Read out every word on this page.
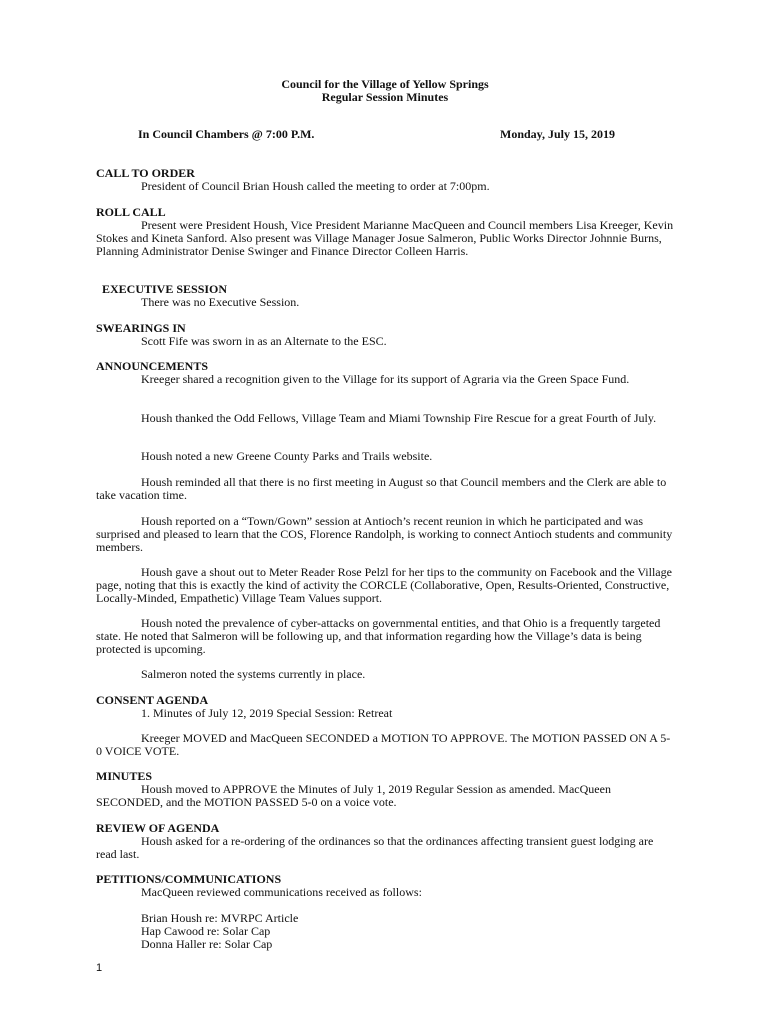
Council for the Village of Yellow Springs
Regular Session Minutes
In Council Chambers @ 7:00 P.M.	Monday, July 15, 2019
CALL TO ORDER
President of Council Brian Housh called the meeting to order at 7:00pm.
ROLL CALL
Present were President Housh, Vice President Marianne MacQueen and Council members Lisa Kreeger, Kevin Stokes and Kineta Sanford. Also present was Village Manager Josue Salmeron, Public Works Director Johnnie Burns, Planning Administrator Denise Swinger and Finance Director Colleen Harris.
EXECUTIVE SESSION
There was no Executive Session.
SWEARINGS IN
Scott Fife was sworn in as an Alternate to the ESC.
ANNOUNCEMENTS
Kreeger shared a recognition given to the Village for its support of Agraria via the Green Space Fund.
Housh thanked the Odd Fellows, Village Team and Miami Township Fire Rescue for a great Fourth of July.
Housh noted a new Greene County Parks and Trails website.
Housh reminded all that there is no first meeting in August so that Council members and the Clerk are able to take vacation time.
Housh reported on a “Town/Gown” session at Antioch’s recent reunion in which he participated and was surprised and pleased to learn that the COS, Florence Randolph, is working to connect Antioch students and community members.
Housh gave a shout out to Meter Reader Rose Pelzl for her tips to the community on Facebook and the Village page, noting that this is exactly the kind of activity the CORCLE (Collaborative, Open, Results-Oriented, Constructive, Locally-Minded, Empathetic) Village Team Values support.
Housh noted the prevalence of cyber-attacks on governmental entities, and that Ohio is a frequently targeted state. He noted that Salmeron will be following up, and that information regarding how the Village’s data is being protected is upcoming.
Salmeron noted the systems currently in place.
CONSENT AGENDA
1. Minutes of July 12, 2019 Special Session: Retreat
Kreeger MOVED and MacQueen SECONDED a MOTION TO APPROVE. The MOTION PASSED ON A 5-0 VOICE VOTE.
MINUTES
Housh moved to APPROVE the Minutes of July 1, 2019 Regular Session as amended. MacQueen SECONDED, and the MOTION PASSED 5-0 on a voice vote.
REVIEW OF AGENDA
Housh asked for a re-ordering of the ordinances so that the ordinances affecting transient guest lodging are read last.
PETITIONS/COMMUNICATIONS
MacQueen reviewed communications received as follows:
Brian Housh re: MVRPC Article
Hap Cawood re: Solar Cap
Donna Haller re: Solar Cap
1
